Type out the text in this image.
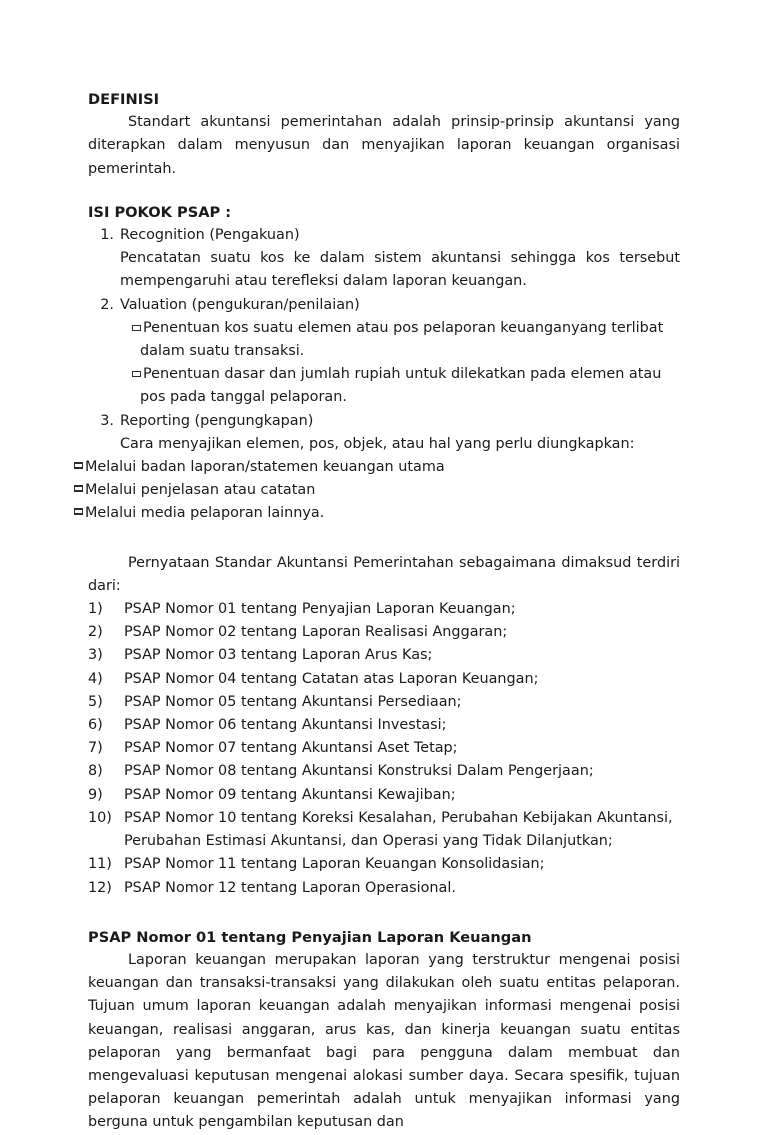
DEFINISI

Standart akuntansi pemerintahan adalah prinsip-prinsip akuntansi yang diterapkan dalam menyusun dan menyajikan laporan keuangan organisasi pemerintah.

ISI POKOK PSAP :
1. Recognition (Pengakuan)

Pencatatan suatu kos ke dalam sistem akuntansi sehingga kos tersebut mempengaruhi atau terefleksi dalam laporan keuangan.

2. Valuation (pengukuran/penilaian)

Penentuan kos suatu elemen atau pos pelaporan keuanganyang terlibat dalam suatu transaksi.

Penentuan dasar dan jumlah rupiah untuk dilekatkan pada elemen atau pos pada tanggal pelaporan.

3. Reporting (pengungkapan)

Cara menyajikan elemen, pos, objek, atau hal yang perlu diungkapkan:

Melalui badan laporan/statemen keuangan utama

Melalui penjelasan atau catatan

Melalui media pelaporan lainnya.

Pernyataan Standar Akuntansi Pemerintahan sebagaimana dimaksud terdiri dari:

1)	PSAP Nomor 01 tentang Penyajian Laporan Keuangan;
2)	PSAP Nomor 02 tentang Laporan Realisasi Anggaran;
3)	PSAP Nomor 03 tentang Laporan Arus Kas;
4)	PSAP Nomor 04 tentang Catatan atas Laporan Keuangan;
5)	PSAP Nomor 05 tentang Akuntansi Persediaan;
6)	PSAP Nomor 06 tentang Akuntansi Investasi;
7)	PSAP Nomor 07 tentang Akuntansi Aset Tetap;
8)	PSAP Nomor 08 tentang Akuntansi Konstruksi Dalam Pengerjaan;
9)	PSAP Nomor 09 tentang Akuntansi Kewajiban;
10) PSAP Nomor 10 tentang Koreksi Kesalahan, Perubahan Kebijakan Akuntansi,
Perubahan Estimasi Akuntansi, dan Operasi yang Tidak Dilanjutkan;
11) PSAP Nomor 11 tentang Laporan Keuangan Konsolidasian;
12) PSAP Nomor 12 tentang Laporan Operasional.
PSAP Nomor 01 tentang Penyajian Laporan Keuangan

Laporan keuangan merupakan laporan yang terstruktur mengenai posisi keuangan dan transaksi-transaksi yang dilakukan oleh suatu entitas pelaporan. Tujuan umum laporan keuangan adalah menyajikan informasi mengenai posisi keuangan, realisasi anggaran, arus kas, dan kinerja keuangan suatu entitas pelaporan yang bermanfaat bagi para pengguna dalam membuat dan mengevaluasi keputusan mengenai alokasi sumber daya. Secara spesifik, tujuan pelaporan keuangan pemerintah adalah untuk menyajikan informasi yang berguna untuk pengambilan keputusan dan
